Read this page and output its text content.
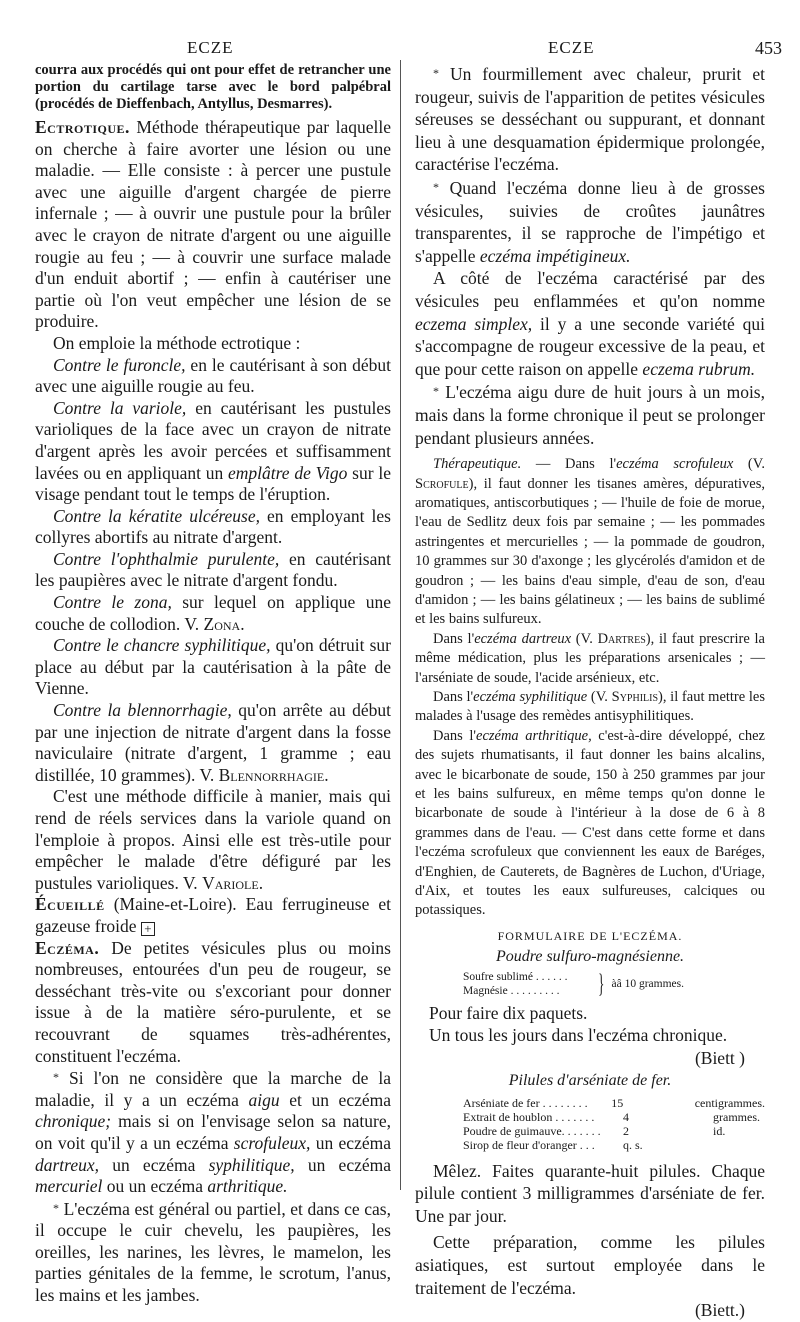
ECZE	ECZE	453

courra aux procédés qui ont pour effet de retrancher une portion du cartilage tarse avec le bord palpébral (procédés de Dieffenbach, Antyllus, Desmarres).

Ectrotique. Méthode thérapeutique par laquelle on cherche à faire avorter une lésion ou une maladie. — Elle consiste : à percer une pustule avec une aiguille d'argent chargée de pierre infernale ; — à ouvrir une pustule pour la brûler avec le crayon de nitrate d'argent ou une aiguille rougie au feu ; — à couvrir une surface malade d'un enduit abortif ; — enfin à cautériser une partie où l'on veut empêcher une lésion de se produire.

On emploie la méthode ectrotique :

Contre le furoncle, en le cautérisant à son début avec une aiguille rougie au feu.

Contre la variole, en cautérisant les pustules varioliques de la face avec un crayon de nitrate d'argent après les avoir percées et suffisamment lavées ou en appliquant un emplâtre de Vigo sur le visage pendant tout le temps de l'éruption.

Contre la kératite ulcéreuse, en employant les collyres abortifs au nitrate d'argent.

Contre l'ophthalmie purulente, en cautérisant les paupières avec le nitrate d'argent fondu.

Contre le zona, sur lequel on applique une couche de collodion. V. Zona.

Contre le chancre syphilitique, qu'on détruit sur place au début par la cautérisation à la pâte de Vienne.

Contre la blennorrhagie, qu'on arrête au début par une injection de nitrate d'argent dans la fosse naviculaire (nitrate d'argent, 1 gramme ; eau distillée, 10 grammes). V. Blennorrhagie.

C'est une méthode difficile à manier, mais qui rend de réels services dans la variole quand on l'emploie à propos. Ainsi elle est très-utile pour empêcher le malade d'être défiguré par les pustules varioliques. V. Variole.

Écueillé (Maine-et-Loire). Eau ferrugineuse et gazeuse froide +

Eczéma. De petites vésicules plus ou moins nombreuses, entourées d'un peu de rougeur, se desséchant très-vite ou s'excoriant pour donner issue à de la matière séro-purulente, et se recouvrant de squames très-adhérentes, constituent l'eczéma.

* Si l'on ne considère que la marche de la maladie, il y a un eczéma aigu et un eczéma chronique; mais si on l'envisage selon sa nature, on voit qu'il y a un eczéma scrofuleux, un eczéma dartreux, un eczéma syphilitique, un eczéma mercuriel ou un eczéma arthritique.

* L'eczéma est général ou partiel, et dans ce cas, il occupe le cuir chevelu, les paupières, les oreilles, les narines, les lèvres, le mamelon, les parties génitales de la femme, le scrotum, l'anus, les mains et les jambes.

* Un fourmillement avec chaleur, prurit et rougeur, suivis de l'apparition de petites vésicules séreuses se desséchant ou suppurant, et donnant lieu à une desquamation épidermique prolongée, caractérise l'eczéma.

* Quand l'eczéma donne lieu à de grosses vésicules, suivies de croûtes jaunâtres transparentes, il se rapproche de l'impétigo et s'appelle eczéma impétigineux.

A côté de l'eczéma caractérisé par des vésicules peu enflammées et qu'on nomme eczema simplex, il y a une seconde variété qui s'accompagne de rougeur excessive de la peau, et que pour cette raison on appelle eczema rubrum.

* L'eczéma aigu dure de huit jours à un mois, mais dans la forme chronique il peut se prolonger pendant plusieurs années.

Thérapeutique. — Dans l'eczéma scrofuleux (V. Scrofule), il faut donner les tisanes amères, dépuratives, aromatiques, antiscorbutiques ; — l'huile de foie de morue, l'eau de Sedlitz deux fois par semaine ; — les pommades astringentes et mercurielles ; — la pommade de goudron, 10 grammes sur 30 d'axonge ; les glycérolés d'amidon et de goudron ; — les bains d'eau simple, d'eau de son, d'eau d'amidon ; — les bains gélatineux ; — les bains de sublimé et les bains sulfureux.

Dans l'eczéma dartreux (V. Dartres), il faut prescrire la même médication, plus les préparations arsenicales ; — l'arséniate de soude, l'acide arsénieux, etc.

Dans l'eczéma syphilitique (V. Syphilis), il faut mettre les malades à l'usage des remèdes antisyphilitiques.

Dans l'eczéma arthritique, c'est-à-dire développé, chez des sujets rhumatisants, il faut donner les bains alcalins, avec le bicarbonate de soude, 150 à 250 grammes par jour et les bains sulfureux, en même temps qu'on donne le bicarbonate de soude à l'intérieur à la dose de 6 à 8 grammes dans de l'eau. — C'est dans cette forme et dans l'eczéma scrofuleux que conviennent les eaux de Baréges, d'Enghien, de Cauterets, de Bagnères de Luchon, d'Uriage, d'Aix, et toutes les eaux sulfureuses, calciques ou potassiques.

FORMULAIRE DE L'ECZÉMA.

Poudre sulfuro-magnésienne.

Soufre sublimé . . . . . .
Magnésie . . . . . . . . .	} àâ 10 grammes.

Pour faire dix paquets.

Un tous les jours dans l'eczéma chronique.

(Biett )

Pilules d'arséniate de fer.

Arséniate de fer . . . . . . . .	15	centigrammes.
Extrait de houblon . . . . . . .	4	grammes.
Poudre de guimauve. . . . . . .	2	id.
Sirop de fleur d'oranger . . .	q. s.

Mêlez. Faites quarante-huit pilules. Chaque pilule contient 3 milligrammes d'arséniate de fer. Une par jour.

Cette préparation, comme les pilules asiatiques, est surtout employée dans le traitement de l'eczéma.

(Biett.)
